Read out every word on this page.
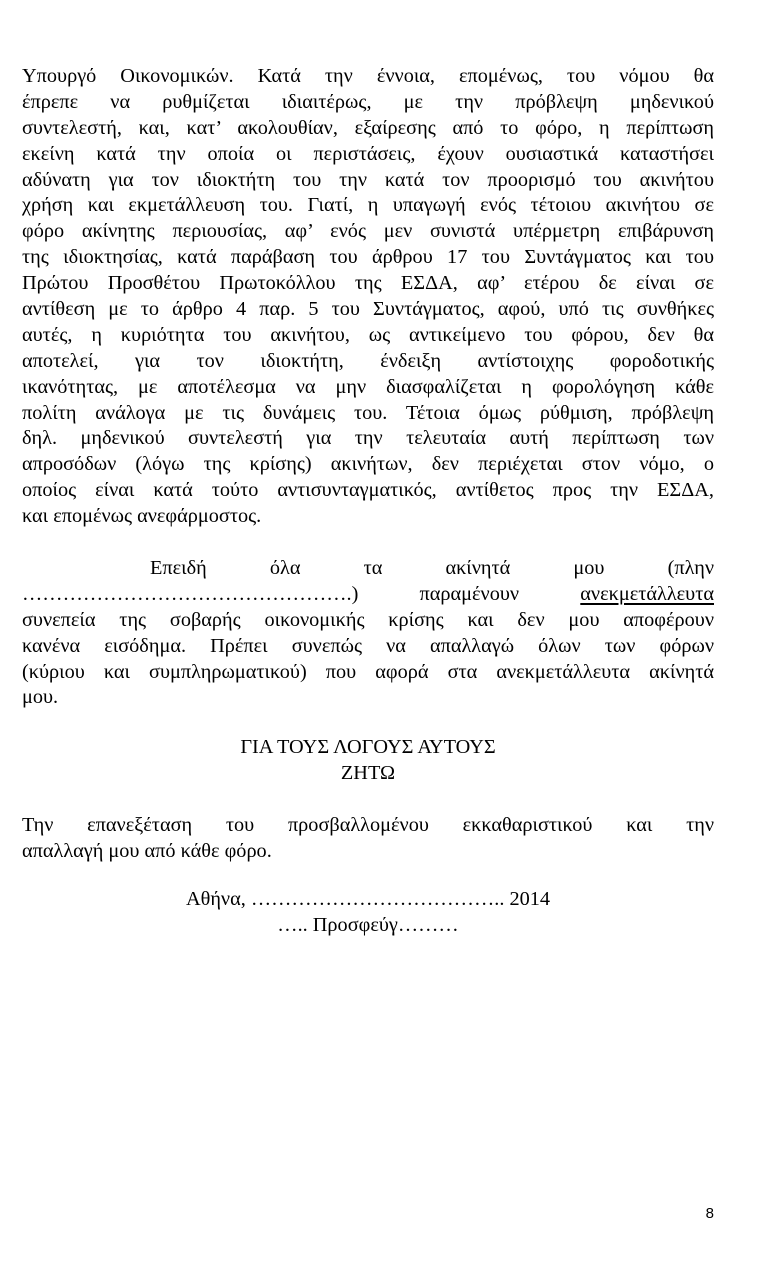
Υπουργό Οικονομικών. Κατά την έννοια, επομένως, του νόμου θα
έπρεπε να ρυθμίζεται ιδιαιτέρως, με την πρόβλεψη μηδενικού
συντελεστή, και, κατ’ ακολουθίαν, εξαίρεσης από το φόρο, η περίπτωση
εκείνη κατά την οποία οι περιστάσεις, έχουν ουσιαστικά καταστήσει
αδύνατη για τον ιδιοκτήτη του την κατά τον προορισμό του ακινήτου
χρήση και εκμετάλλευση του. Γιατί, η υπαγωγή ενός τέτοιου ακινήτου σε
φόρο ακίνητης περιουσίας, αφ’ ενός μεν συνιστά υπέρμετρη επιβάρυνση
της ιδιοκτησίας, κατά παράβαση του άρθρου 17 του Συντάγματος και του
Πρώτου Προσθέτου Πρωτοκόλλου της ΕΣΔΑ, αφ’ ετέρου δε είναι σε
αντίθεση με το άρθρο 4 παρ. 5 του Συντάγματος, αφού, υπό τις συνθήκες
αυτές, η κυριότητα του ακινήτου, ως αντικείμενο του φόρου, δεν θα
αποτελεί, για τον ιδιοκτήτη, ένδειξη αντίστοιχης φοροδοτικής
ικανότητας, με αποτέλεσμα να μην διασφαλίζεται η φορολόγηση κάθε
πολίτη ανάλογα με τις δυνάμεις του. Τέτοια όμως ρύθμιση, πρόβλεψη
δηλ. μηδενικού συντελεστή για την τελευταία αυτή περίπτωση των
απροσόδων (λόγω της κρίσης) ακινήτων, δεν περιέχεται στον νόμο, ο
οποίος είναι κατά τούτο αντισυνταγματικός, αντίθετος προς την ΕΣΔΑ,
και επομένως ανεφάρμοστος.
Επειδή όλα τα ακίνητά μου (πλην
………………………………………….) παραμένουν ανεκμετάλλευτα
συνεπεία της σοβαρής οικονομικής κρίσης και δεν μου αποφέρουν
κανένα εισόδημα. Πρέπει συνεπώς να απαλλαγώ όλων των φόρων
(κύριου και συμπληρωματικού) που αφορά στα ανεκμετάλλευτα ακίνητά
μου.
ΓΙΑ ΤΟΥΣ ΛΟΓΟΥΣ ΑΥΤΟΥΣ
ΖΗΤΩ
Την επανεξέταση του προσβαλλομένου εκκαθαριστικού και την
απαλλαγή μου από κάθε φόρο.
Αθήνα, ……………………………….. 2014
….. Προσφεύγ………
8
